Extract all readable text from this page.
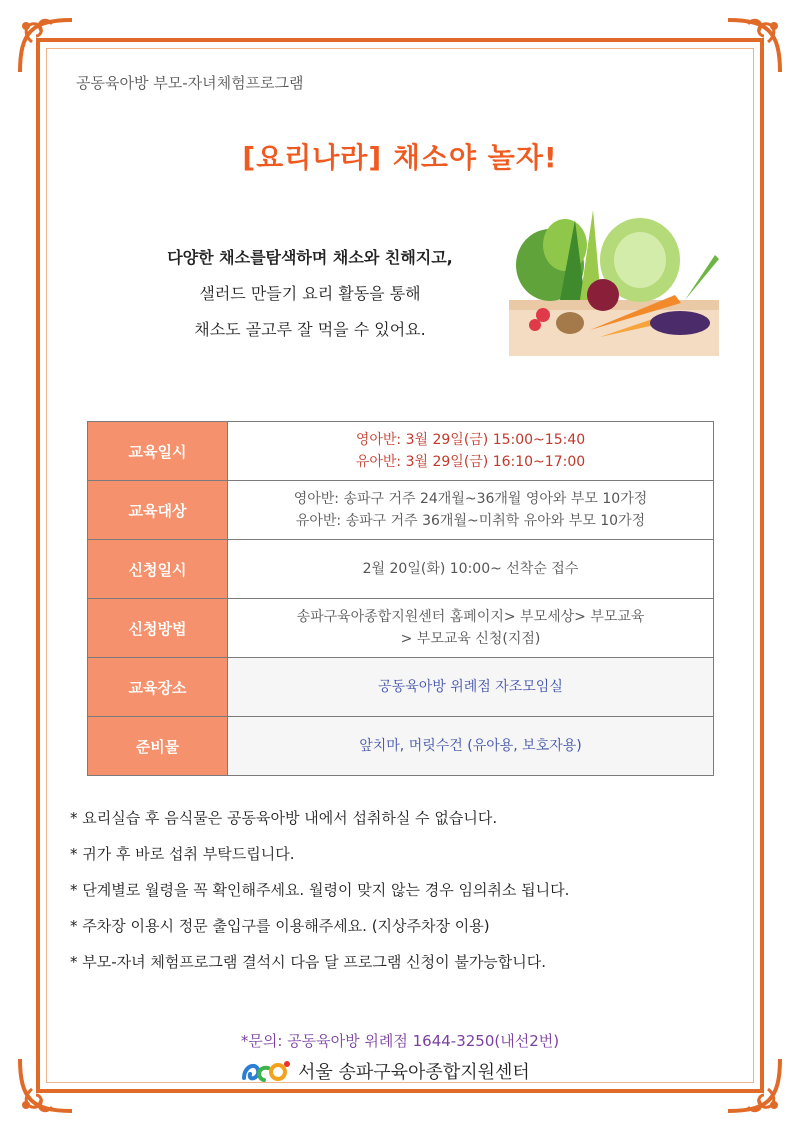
공동육아방 부모-자녀체험프로그램
[요리나라] 채소야 놀자!
다양한 채소를탐색하며 채소와 친해지고,
샐러드 만들기 요리 활동을 통해
채소도 골고루 잘 먹을 수 있어요.
교육일시	영아반: 3월 29일(금) 15:00~15:40
유아반: 3월 29일(금) 16:10~17:00

교육대상	영아반: 송파구 거주 24개월~36개월 영아와 부모 10가정
유아반: 송파구 거주 36개월~미취학 유아와 부모 10가정

신청일시	2월 20일(화) 10:00~ 선착순 접수

신청방법	송파구육아종합지원센터 홈페이지> 부모세상> 부모교육
> 부모교육 신청(지점)

교육장소	공동육아방 위례점 자조모임실

준비물	앞치마, 머릿수건 (유아용, 보호자용)
* 요리실습 후 음식물은 공동육아방 내에서 섭취하실 수 없습니다.
* 귀가 후 바로 섭취 부탁드립니다.
* 단계별로 월령을 꼭 확인해주세요. 월령이 맞지 않는 경우 임의취소 됩니다.
* 주차장 이용시 정문 출입구를 이용해주세요. (지상주차장 이용)
* 부모-자녀 체험프로그램 결석시 다음 달 프로그램 신청이 불가능합니다.
*문의: 공동육아방 위례점 1644-3250(내선2번)
서울 송파구육아종합지원센터
